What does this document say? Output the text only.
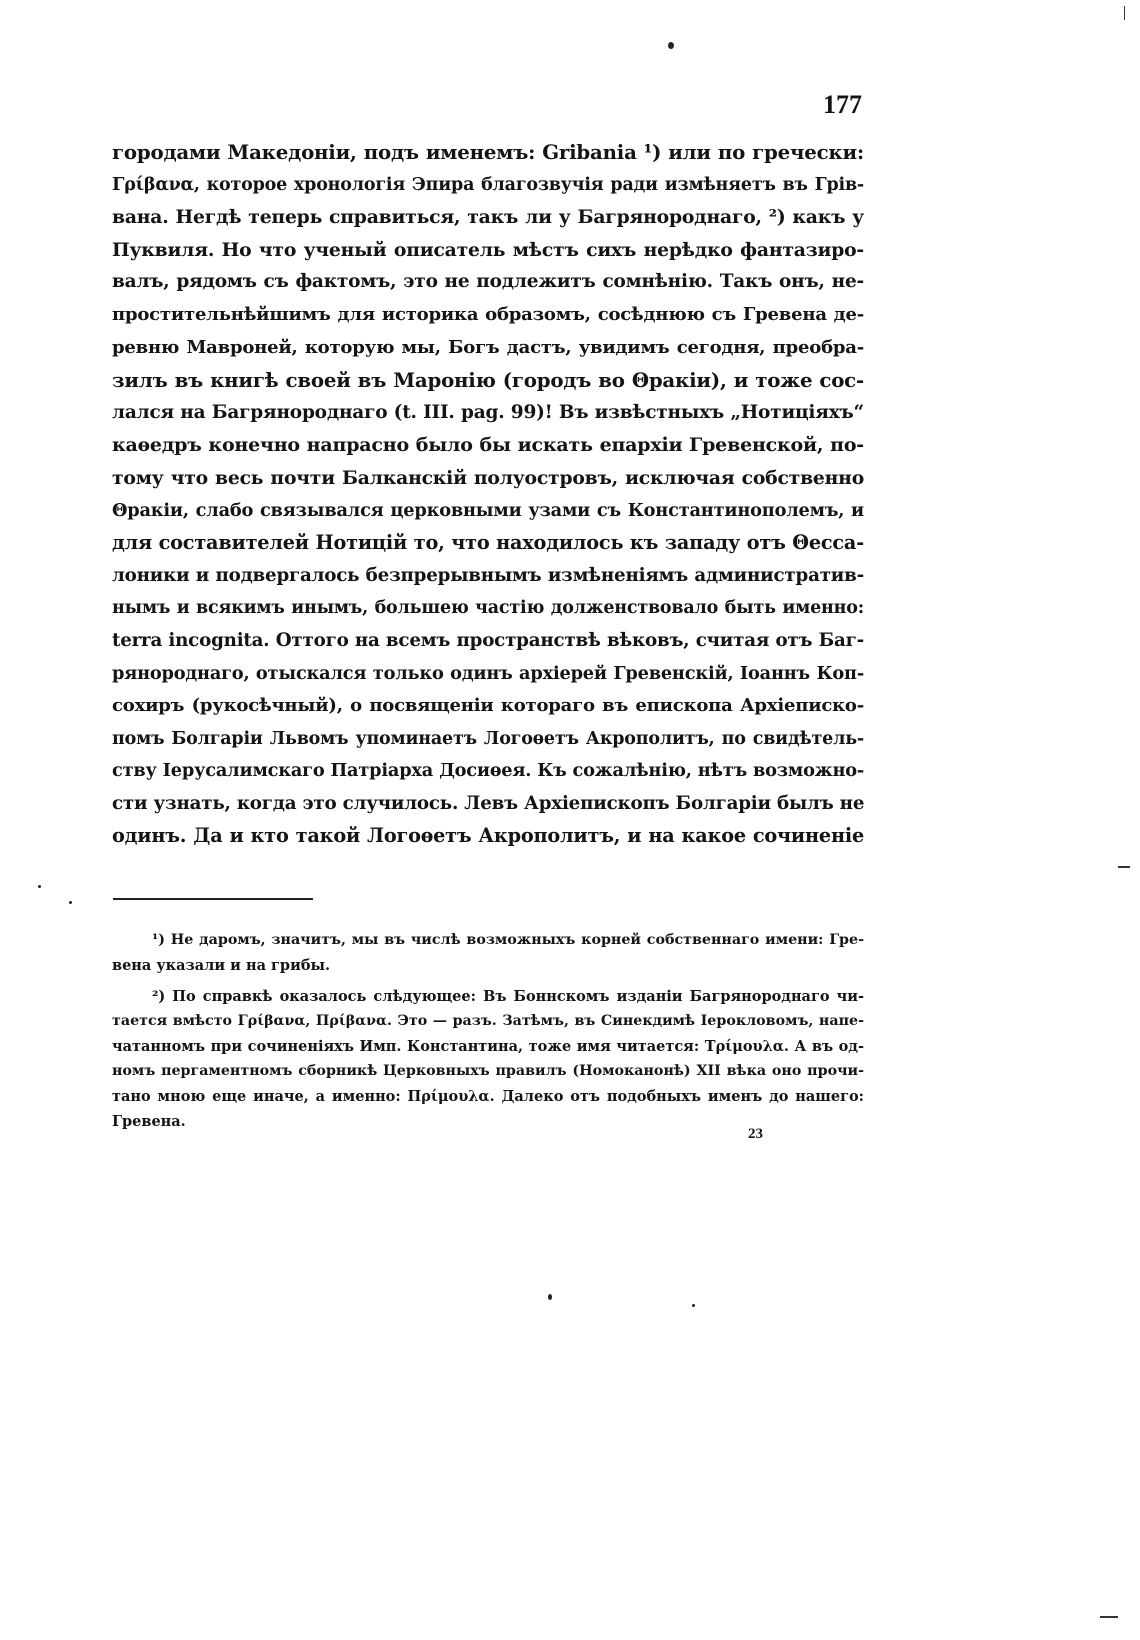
177
городами Македоніи, подъ именемъ: Gribania ¹) или по гречески:
Γρίβανα, которое хронологія Эпира благозвучія ради измѣняетъ въ Грів-
вана. Негдѣ теперь справиться, такъ ли у Багрянороднаго, ²) какъ у
Пуквиля. Но что ученый описатель мѣстъ сихъ нерѣдко фантазиро-
валъ, рядомъ съ фактомъ, это не подлежитъ сомнѣнію. Такъ онъ, не-
простительнѣйшимъ для историка образомъ, сосѣднюю съ Гревена де-
ревню Мавроней, которую мы, Богъ дастъ, увидимъ сегодня, преобра-
зилъ въ книгѣ своей въ Маронію (городъ во Θракіи), и тоже сос-
лался на Багрянороднаго (t. III. pag. 99)! Въ извѣстныхъ „Нотиціяхъ“
каѳедръ конечно напрасно было бы искать епархіи Гревенской, по-
тому что весь почти Балканскій полуостровъ, исключая собственно
Θракіи, слабо связывался церковными узами съ Константинополемъ, и
для составителей Нотицій то, что находилось къ западу отъ Θесса-
лоники и подвергалось безпрерывнымъ измѣненіямъ административ-
нымъ и всякимъ инымъ, большею частію долженствовало быть именно:
terra incognita. Оттого на всемъ пространствѣ вѣковъ, считая отъ Баг-
рянороднаго, отыскался только одинъ архіерей Гревенскій, Іоаннъ Коп-
сохиръ (рукосѣчный), о посвященіи котораго въ епископа Архіеписко-
помъ Болгаріи Львомъ упоминаетъ Логоѳетъ Акрополитъ, по свидѣтель-
ству Іерусалимскаго Патріарха Досиѳея. Къ сожалѣнію, нѣтъ возможно-
сти узнать, когда это случилось. Левъ Архіепископъ Болгаріи былъ не
одинъ. Да и кто такой Логоѳетъ Акрополитъ, и на какое сочиненіе
¹) Не даромъ, значитъ, мы въ числѣ возможныхъ корней собственнаго имени: Гре-
вена указали и на грибы.
²) По справкѣ оказалось слѣдующее: Въ Боннскомъ изданіи Багрянороднаго чи-
тается вмѣсто Γρίβανα, Πρίβανα. Это — разъ. Затѣмъ, въ Синекдимѣ Іерокловомъ, напе-
чатанномъ при сочиненіяхъ Имп. Константина, тоже имя читается: Τρίμουλα. А въ од-
номъ пергаментномъ сборникѣ Церковныхъ правилъ (Номоканонѣ) XII вѣка оно прочи-
тано мною еще иначе, а именно: Πρίμουλα. Далеко отъ подобныхъ именъ до нашего:
Гревена.
23
